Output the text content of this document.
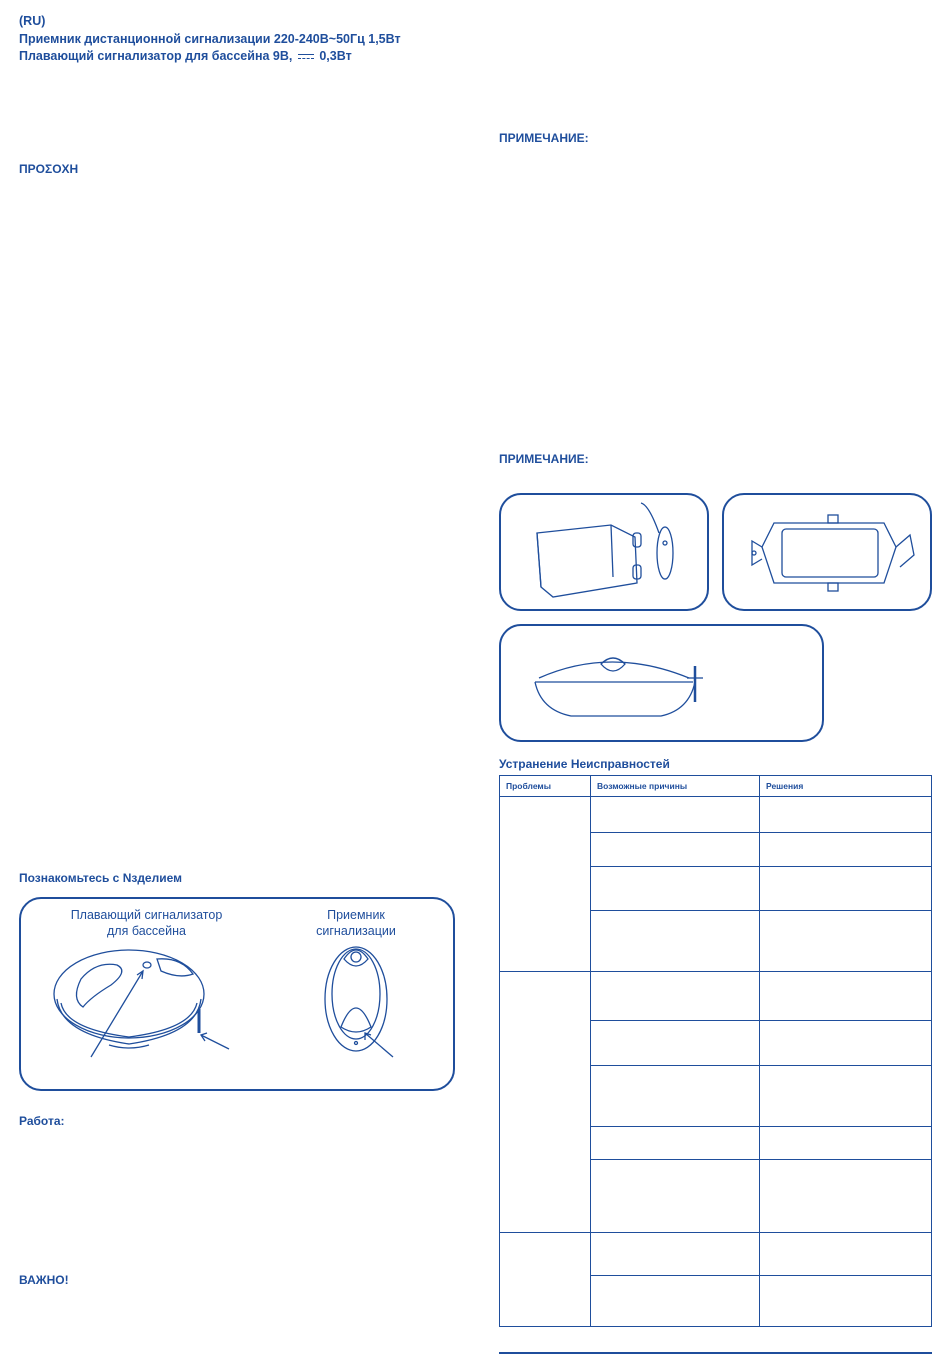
(RU)
Приемник дистанционной сигнализации 220-240В~50Гц 1,5Вт
Плавающий сигнализатор для бассейна 9В, 0,3Вт
ΠΡΟΣΟΧΗ
Познакомьтесь с Nзделием
Работа:
ВАЖНО!
ПРИМЕЧАНИЕ:
ПРИМЕЧАНИЕ:
Устранение Неисправностей
Плавающий сигнализатор для бассейна
Приемник сигнализации
Проблемы	Возможные причины	Решения
